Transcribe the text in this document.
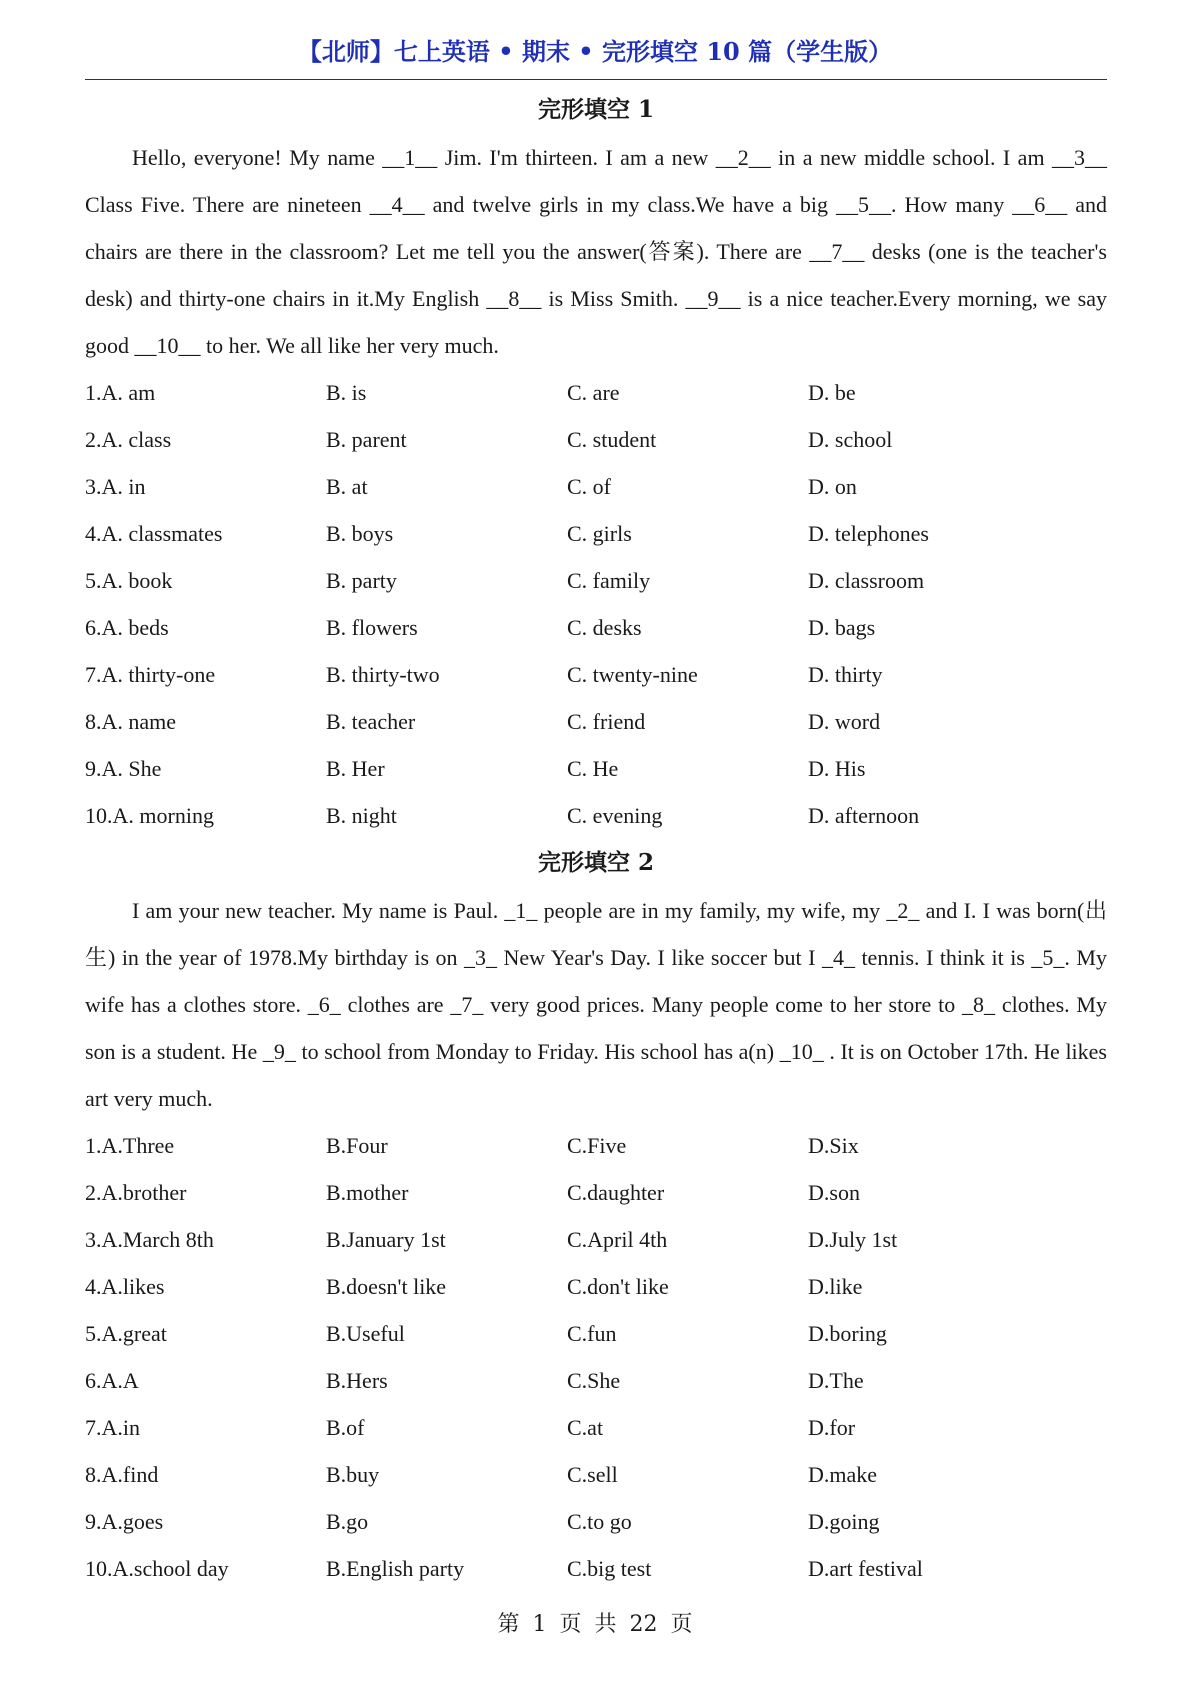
【北师】七上英语 • 期末 • 完形填空 10 篇（学生版）
完形填空 1

Hello, everyone! My name __1__ Jim. I'm thirteen. I am a new __2__ in a new middle school. I am __3__ Class Five. There are nineteen __4__ and twelve girls in my class.We have a big __5__. How many __6__ and chairs are there in the classroom? Let me tell you the answer(答案). There are __7__ desks (one is the teacher's desk) and thirty-one chairs in it.My English __8__ is Miss Smith. __9__ is a nice teacher.Every morning, we say good __10__ to her. We all like her very much.

1.A. am	B. is	C. are	D. be
2.A. class	B. parent	C. student	D. school
3.A. in	B. at	C. of	D. on
4.A. classmates	B. boys	C. girls	D. telephones
5.A. book	B. party	C. family	D. classroom
6.A. beds	B. flowers	C. desks	D. bags
7.A. thirty-one	B. thirty-two	C. twenty-nine	D. thirty
8.A. name	B. teacher	C. friend	D. word
9.A. She	B. Her	C. He	D. His
10.A. morning	B. night	C. evening	D. afternoon
完形填空 2

I am your new teacher. My name is Paul. _1_ people are in my family, my wife, my _2_ and I. I was born(出生) in the year of 1978.My birthday is on _3_ New Year's Day. I like soccer but I _4_ tennis. I think it is _5_. My wife has a clothes store. _6_ clothes are _7_ very good prices. Many people come to her store to _8_ clothes. My son is a student. He _9_ to school from Monday to Friday. His school has a(n) _10_ . It is on October 17th. He likes art very much.

1.A.Three	B.Four	C.Five	D.Six
2.A.brother	B.mother	C.daughter	D.son
3.A.March 8th	B.January 1st	C.April 4th	D.July 1st
4.A.likes	B.doesn't like	C.don't like	D.like
5.A.great	B.Useful	C.fun	D.boring
6.A.A	B.Hers	C.She	D.The
7.A.in	B.of	C.at	D.for
8.A.find	B.buy	C.sell	D.make
9.A.goes	B.go	C.to go	D.going
10.A.school day	B.English party	C.big test	D.art festival
第 1 页 共 22 页
